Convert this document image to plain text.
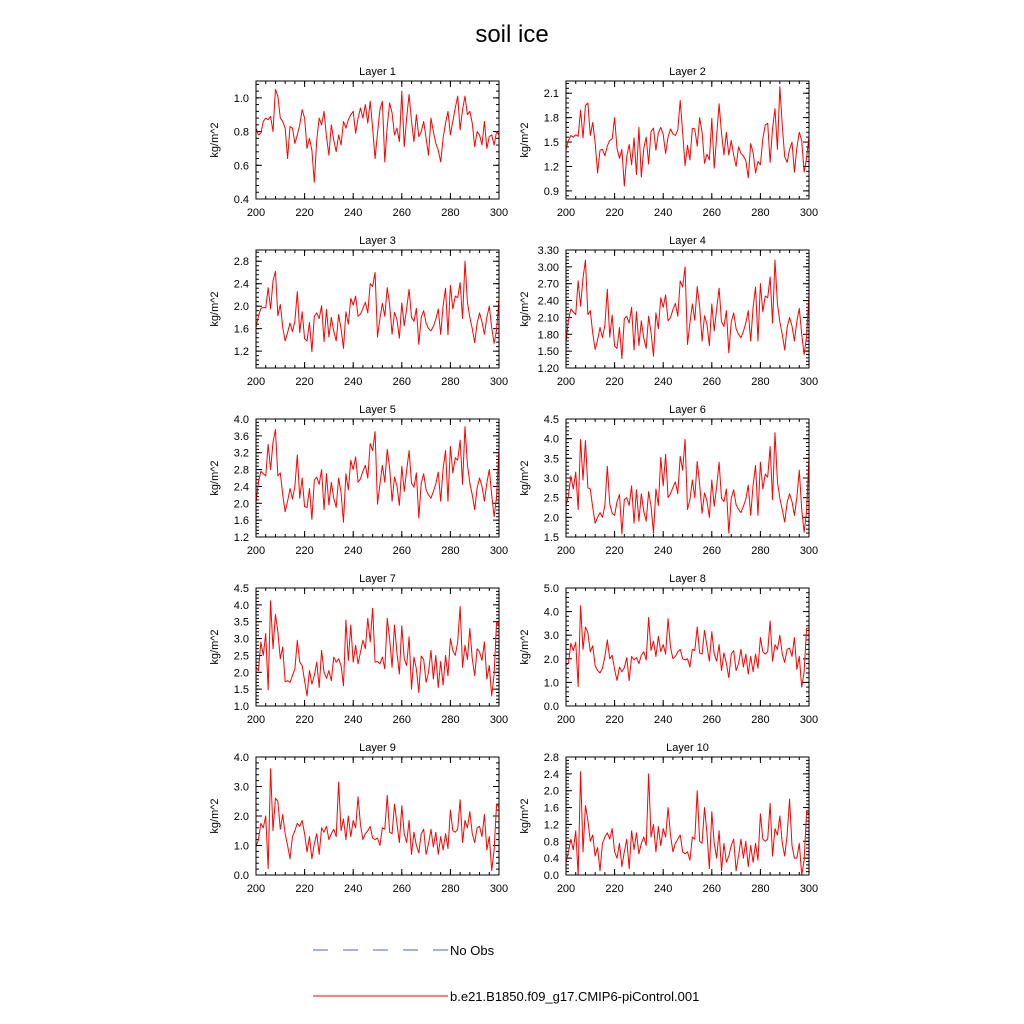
soil ice
Layer 1
kg/m^2
200	220	240	260	280	300
0.4
0.6
0.8
1.0
Layer 2
kg/m^2
200	220	240	260	280	300
0.9
1.2
1.5
1.8
2.1
Layer 3
kg/m^2
200	220	240	260	280	300
1.2
1.6
2.0
2.4
2.8
Layer 4
kg/m^2
200	220	240	260	280	300
1.20
1.50
1.80
2.10
2.40
2.70
3.00
3.30
Layer 5
kg/m^2
200	220	240	260	280	300
1.2
1.6
2.0
2.4
2.8
3.2
3.6
4.0
Layer 6
kg/m^2
200	220	240	260	280	300
1.5
2.0
2.5
3.0
3.5
4.0
4.5
Layer 7
kg/m^2
200	220	240	260	280	300
1.0
1.5
2.0
2.5
3.0
3.5
4.0
4.5
Layer 8
kg/m^2
200	220	240	260	280	300
0.0
1.0
2.0
3.0
4.0
5.0
Layer 9
kg/m^2
200	220	240	260	280	300
0.0
1.0
2.0
3.0
4.0
Layer 10
kg/m^2
200	220	240	260	280	300
0.0
0.4
0.8
1.2
1.6
2.0
2.4
2.8
No Obs
b.e21.B1850.f09_g17.CMIP6-piControl.001
